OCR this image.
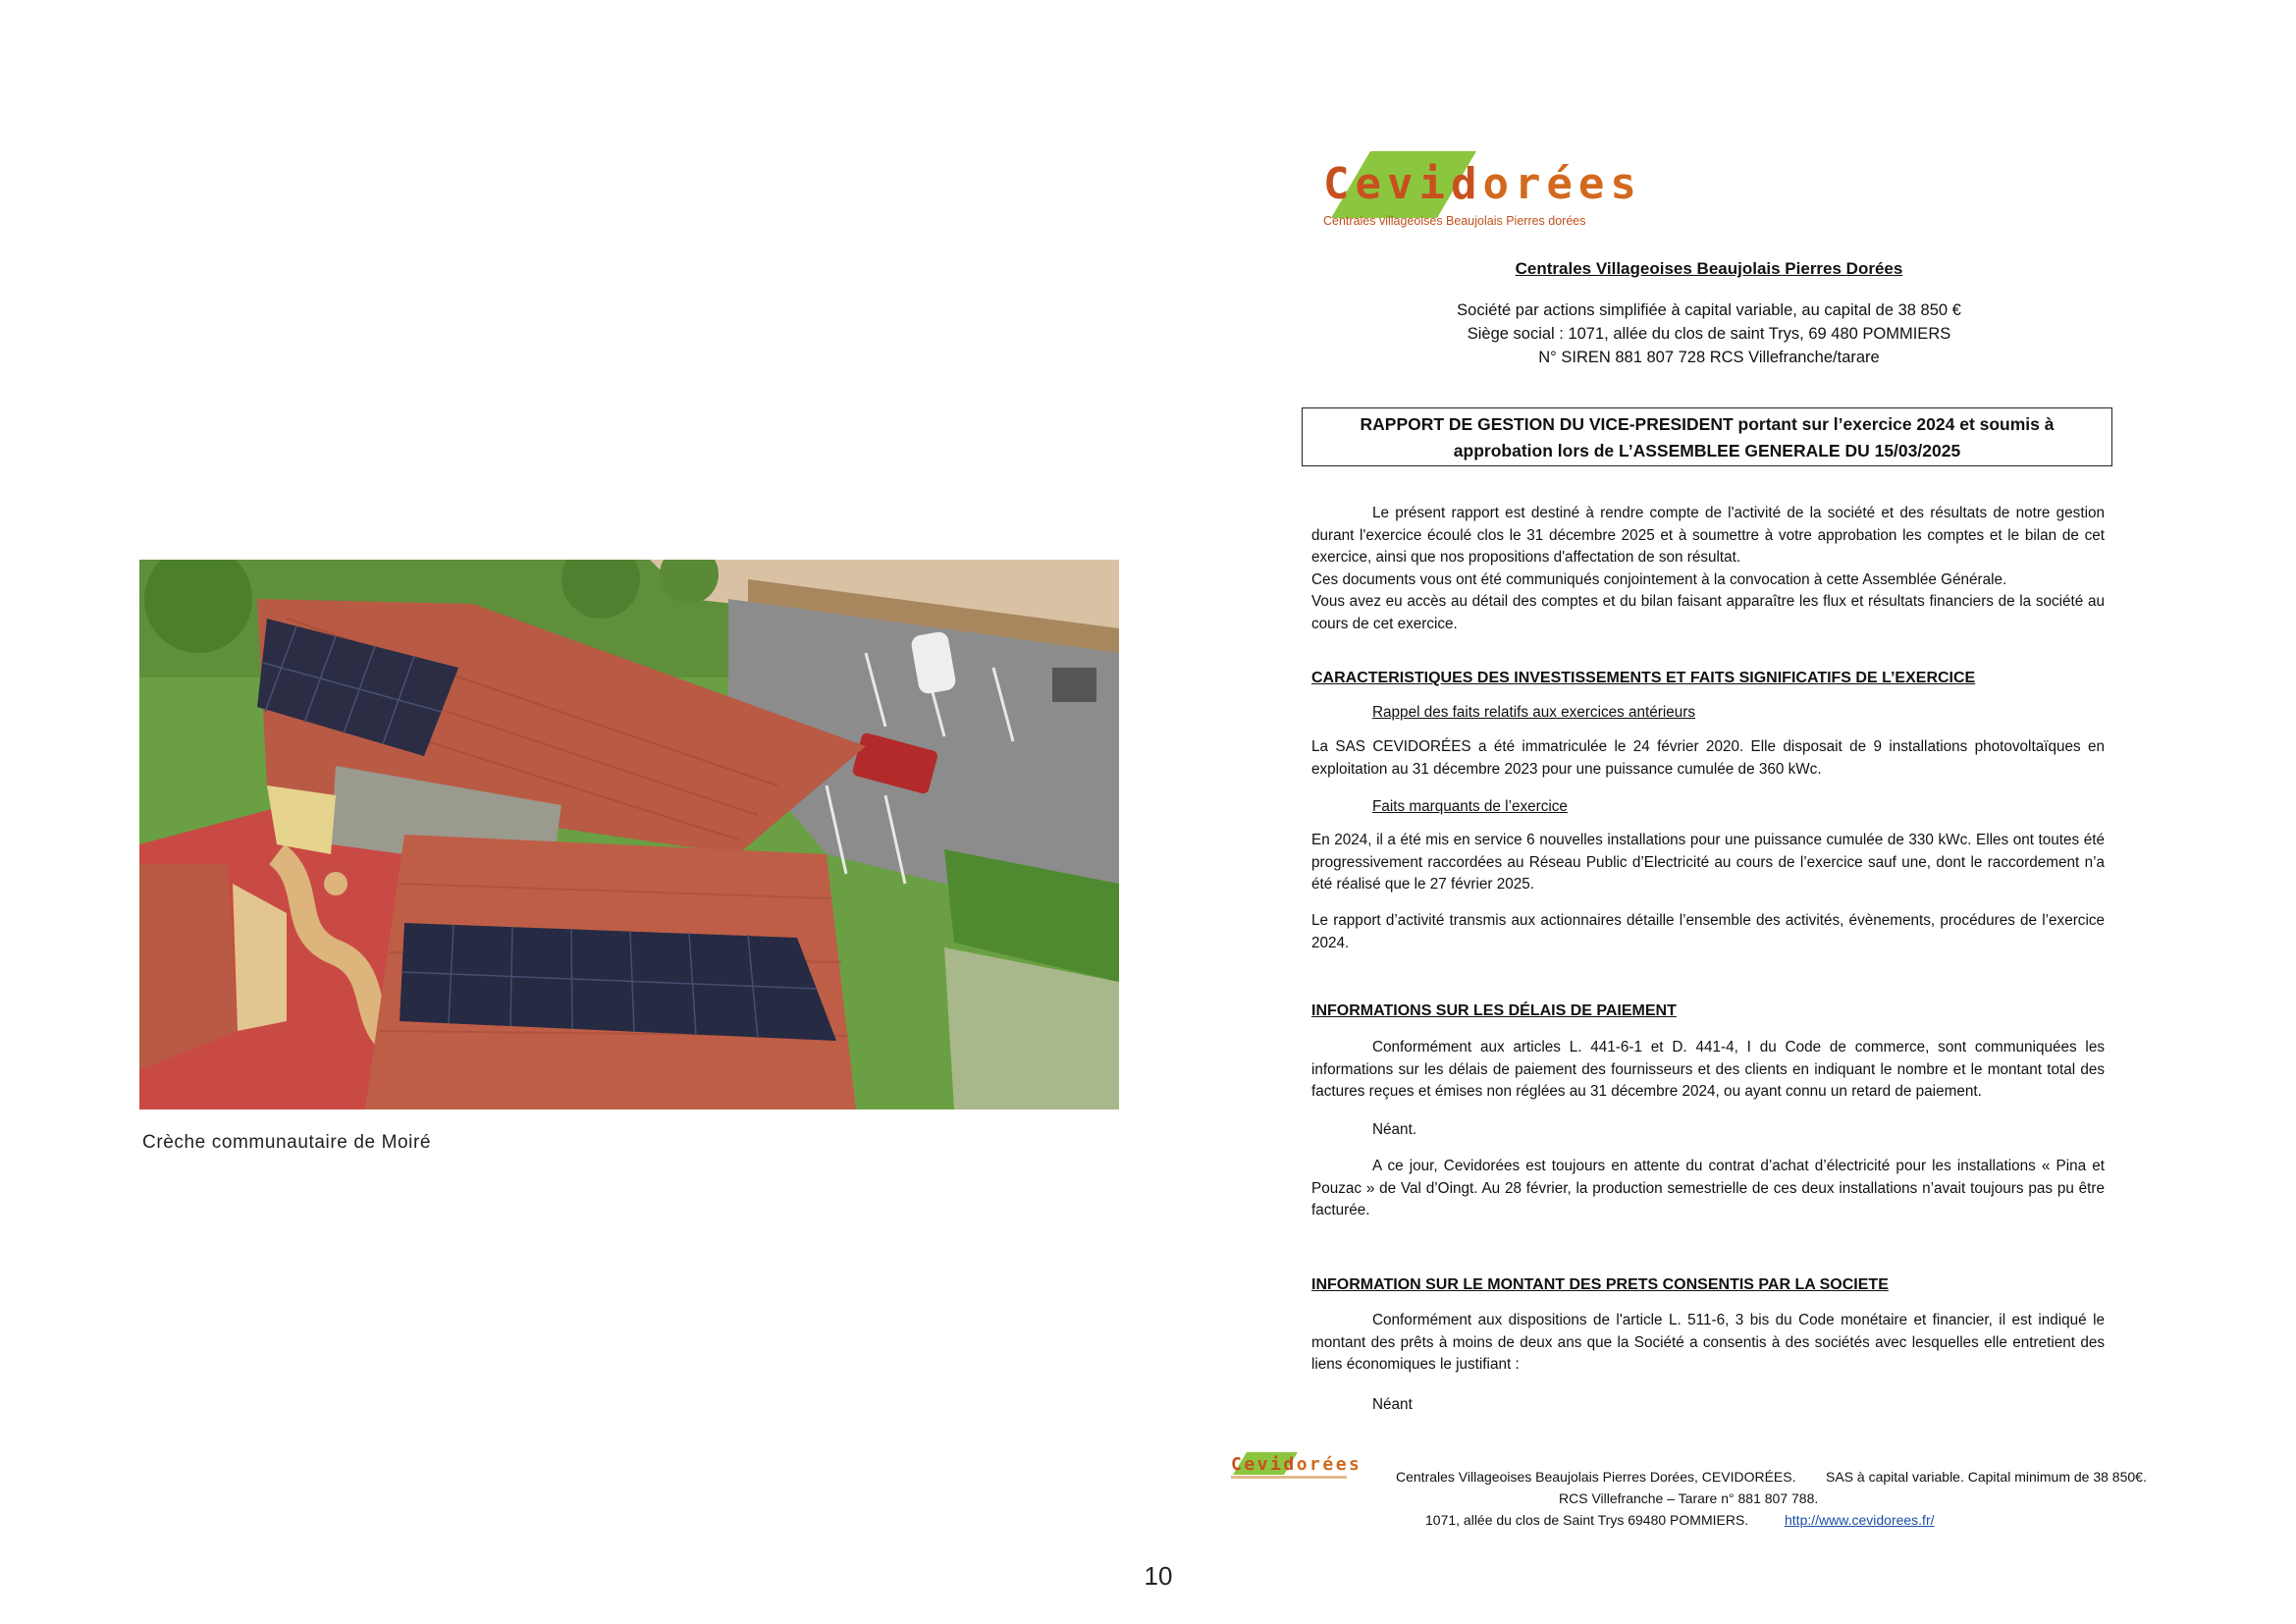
Crèche communautaire de Moiré
Cevidorées
Centrales villageoises Beaujolais Pierres dorées
Centrales Villageoises Beaujolais Pierres Dorées
Société par actions simplifiée à capital variable, au capital de 38 850 €
Siège social : 1071, allée du clos de saint Trys, 69 480 POMMIERS
N° SIREN 881 807 728 RCS Villefranche/tarare
RAPPORT DE GESTION DU VICE-PRESIDENT portant sur l’exercice 2024 et soumis à
approbation lors de L’ASSEMBLEE GENERALE DU 15/03/2025

Le présent rapport est destiné à rendre compte de l'activité de la société et des résultats de notre gestion durant l'exercice écoulé clos le 31 décembre 2025 et à soumettre à votre approbation les comptes et le bilan de cet exercice, ainsi que nos propositions d'affectation de son résultat.

Ces documents vous ont été communiqués conjointement à la convocation à cette Assemblée Générale.

Vous avez eu accès au détail des comptes et du bilan faisant apparaître les flux et résultats financiers de la société au cours de cet exercice.

CARACTERISTIQUES DES INVESTISSEMENTS ET FAITS SIGNIFICATIFS DE L’EXERCICE
Rappel des faits relatifs aux exercices antérieurs
La SAS CEVIDORÉES a été immatriculée le 24 février 2020. Elle disposait de 9 installations photovoltaïques en exploitation au 31 décembre 2023 pour une puissance cumulée de 360 kWc.
Faits marquants de l’exercice
En 2024, il a été mis en service 6 nouvelles installations pour une puissance cumulée de 330 kWc. Elles ont toutes été progressivement raccordées au Réseau Public d’Electricité au cours de l’exercice sauf une, dont le raccordement n’a été réalisé que le 27 février 2025.
Le rapport d’activité transmis aux actionnaires détaille l’ensemble des activités, évènements, procédures de l’exercice 2024.
INFORMATIONS SUR LES DÉLAIS DE PAIEMENT
Conformément aux articles L. 441-6-1 et D. 441-4, I du Code de commerce, sont communiquées les informations sur les délais de paiement des fournisseurs et des clients en indiquant le nombre et le montant total des factures reçues et émises non réglées au 31 décembre 2024, ou ayant connu un retard de paiement.
Néant.
A ce jour, Cevidorées est toujours en attente du contrat d’achat d’électricité pour les installations « Pina et Pouzac » de Val d’Oingt. Au 28 février, la production semestrielle de ces deux installations n’avait toujours pas pu être facturée.
INFORMATION SUR LE MONTANT DES PRETS CONSENTIS PAR LA SOCIETE
Conformément aux dispositions de l'article L. 511-6, 3 bis du Code monétaire et financier, il est indiqué le montant des prêts à moins de deux ans que la Société a consentis à des sociétés avec lesquelles elle entretient des liens économiques le justifiant :
Néant
Cevidorées
Centrales Villageoises Beaujolais Pierres Dorées, CEVIDORÉES. SAS à capital variable. Capital minimum de 38 850€.
RCS Villefranche – Tarare n° 881 807 788.
1071, allée du clos de Saint Trys 69480 POMMIERS.	http://www.cevidorees.fr/
10
